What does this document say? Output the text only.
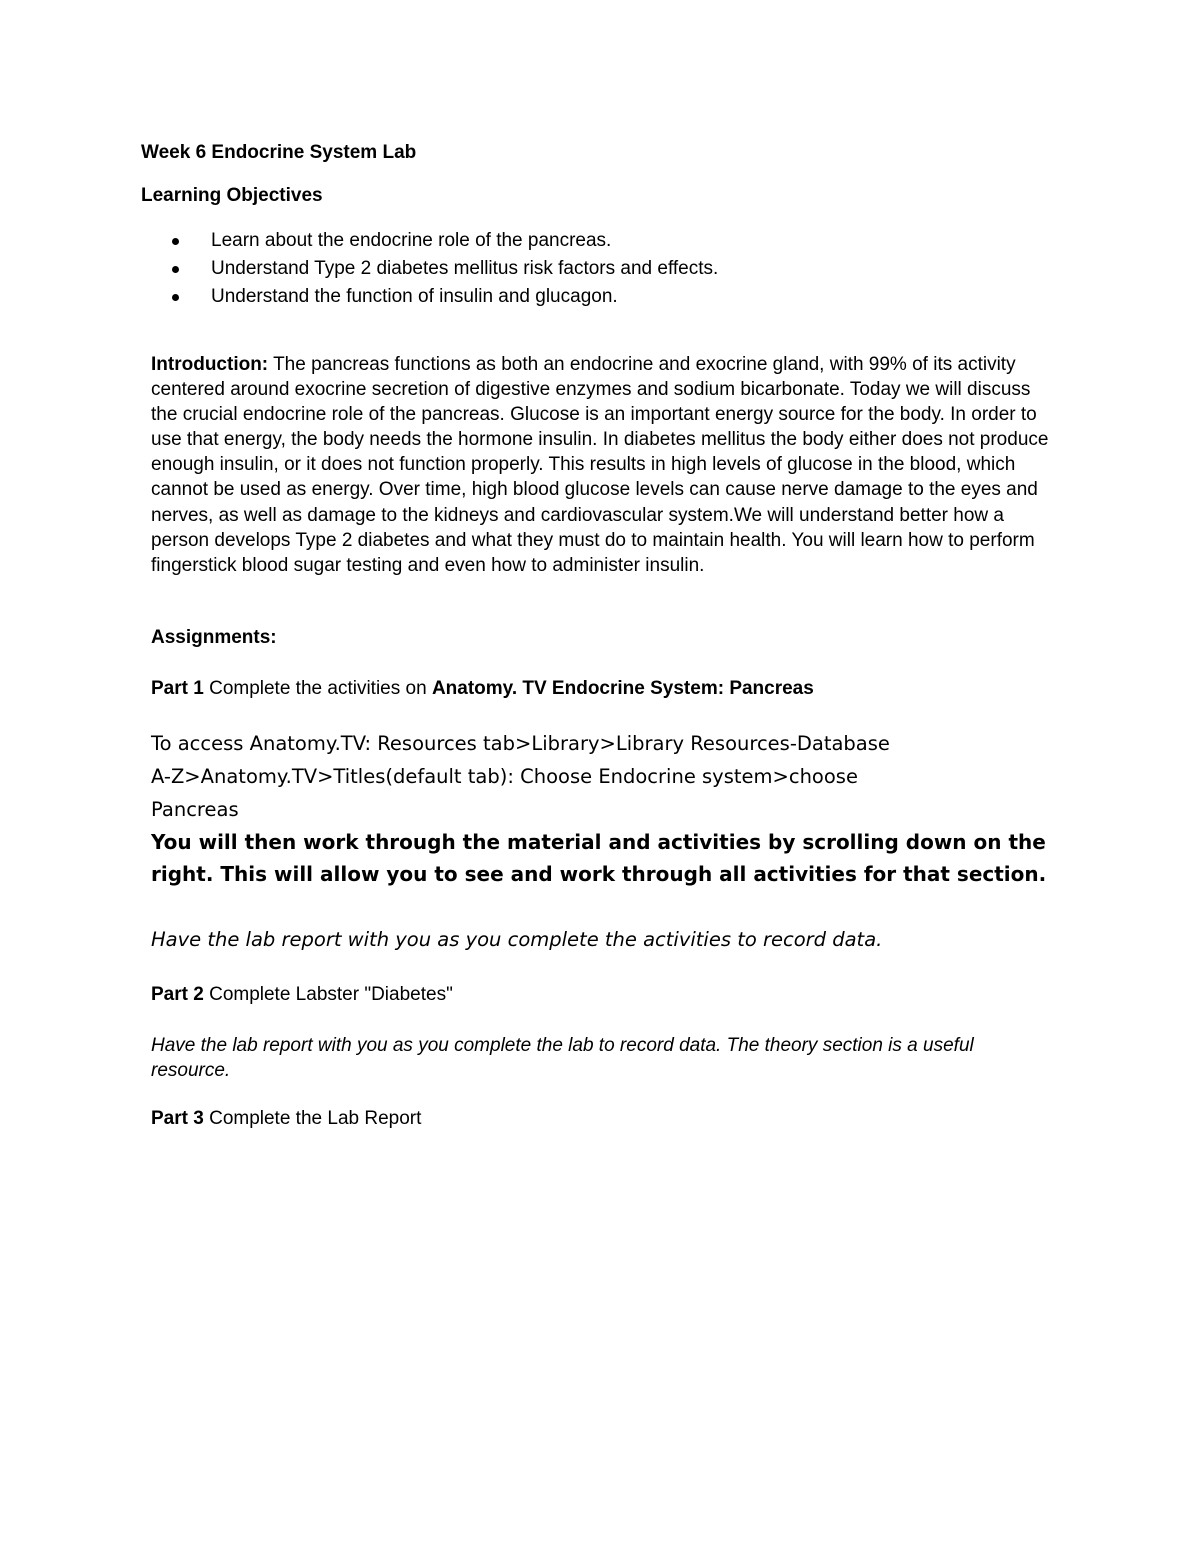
Week 6 Endocrine System Lab
Learning Objectives
Learn about the endocrine role of the pancreas.
Understand Type 2 diabetes mellitus risk factors and effects.
Understand the function of insulin and glucagon.

Introduction: The pancreas functions as both an endocrine and exocrine gland, with 99% of its activity centered around exocrine secretion of digestive enzymes and sodium bicarbonate. Today we will discuss the crucial endocrine role of the pancreas. Glucose is an important energy source for the body. In order to use that energy, the body needs the hormone insulin. In diabetes mellitus the body either does not produce enough insulin, or it does not function properly. This results in high levels of glucose in the blood, which cannot be used as energy. Over time, high blood glucose levels can cause nerve damage to the eyes and nerves, as well as damage to the kidneys and cardiovascular system.We will understand better how a person develops Type 2 diabetes and what they must do to maintain health. You will learn how to perform fingerstick blood sugar testing and even how to administer insulin.

Assignments:

Part 1 Complete the activities on Anatomy. TV Endocrine System: Pancreas

To access Anatomy.TV: Resources tab>Library>Library Resources-Database A-Z>Anatomy.TV>Titles(default tab): Choose Endocrine system>choose Pancreas

You will then work through the material and activities by scrolling down on the right. This will allow you to see and work through all activities for that section.

Have the lab report with you as you complete the activities to record data.

Part 2 Complete Labster "Diabetes"

Have the lab report with you as you complete the lab to record data. The theory section is a useful resource.

Part 3 Complete the Lab Report
